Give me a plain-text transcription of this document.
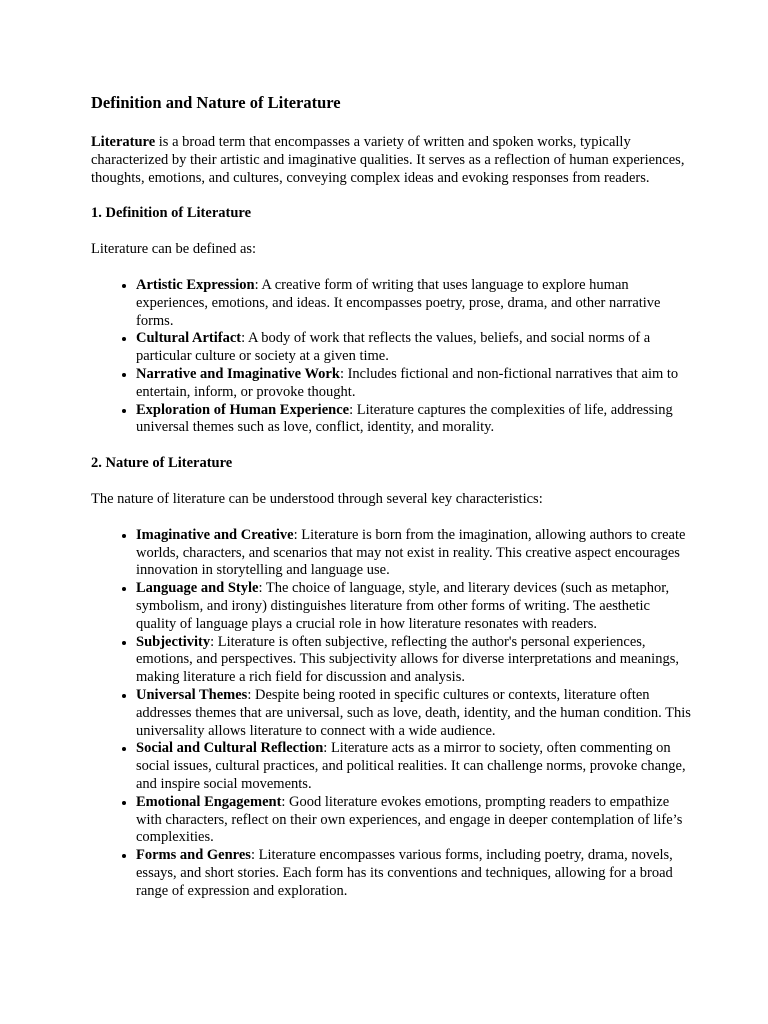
Definition and Nature of Literature

Literature is a broad term that encompasses a variety of written and spoken works, typically characterized by their artistic and imaginative qualities. It serves as a reflection of human experiences, thoughts, emotions, and cultures, conveying complex ideas and evoking responses from readers.

1. Definition of Literature

Literature can be defined as:

• Artistic Expression: A creative form of writing that uses language to explore human experiences, emotions, and ideas. It encompasses poetry, prose, drama, and other narrative forms.
• Cultural Artifact: A body of work that reflects the values, beliefs, and social norms of a particular culture or society at a given time.
• Narrative and Imaginative Work: Includes fictional and non-fictional narratives that aim to entertain, inform, or provoke thought.
• Exploration of Human Experience: Literature captures the complexities of life, addressing universal themes such as love, conflict, identity, and morality.
2. Nature of Literature

The nature of literature can be understood through several key characteristics:

• Imaginative and Creative: Literature is born from the imagination, allowing authors to create worlds, characters, and scenarios that may not exist in reality. This creative aspect encourages innovation in storytelling and language use.
• Language and Style: The choice of language, style, and literary devices (such as metaphor, symbolism, and irony) distinguishes literature from other forms of writing. The aesthetic quality of language plays a crucial role in how literature resonates with readers.
• Subjectivity: Literature is often subjective, reflecting the author's personal experiences, emotions, and perspectives. This subjectivity allows for diverse interpretations and meanings, making literature a rich field for discussion and analysis.
• Universal Themes: Despite being rooted in specific cultures or contexts, literature often addresses themes that are universal, such as love, death, identity, and the human condition. This universality allows literature to connect with a wide audience.
• Social and Cultural Reflection: Literature acts as a mirror to society, often commenting on social issues, cultural practices, and political realities. It can challenge norms, provoke change, and inspire social movements.
• Emotional Engagement: Good literature evokes emotions, prompting readers to empathize with characters, reflect on their own experiences, and engage in deeper contemplation of life’s complexities.
• Forms and Genres: Literature encompasses various forms, including poetry, drama, novels, essays, and short stories. Each form has its conventions and techniques, allowing for a broad range of expression and exploration.
